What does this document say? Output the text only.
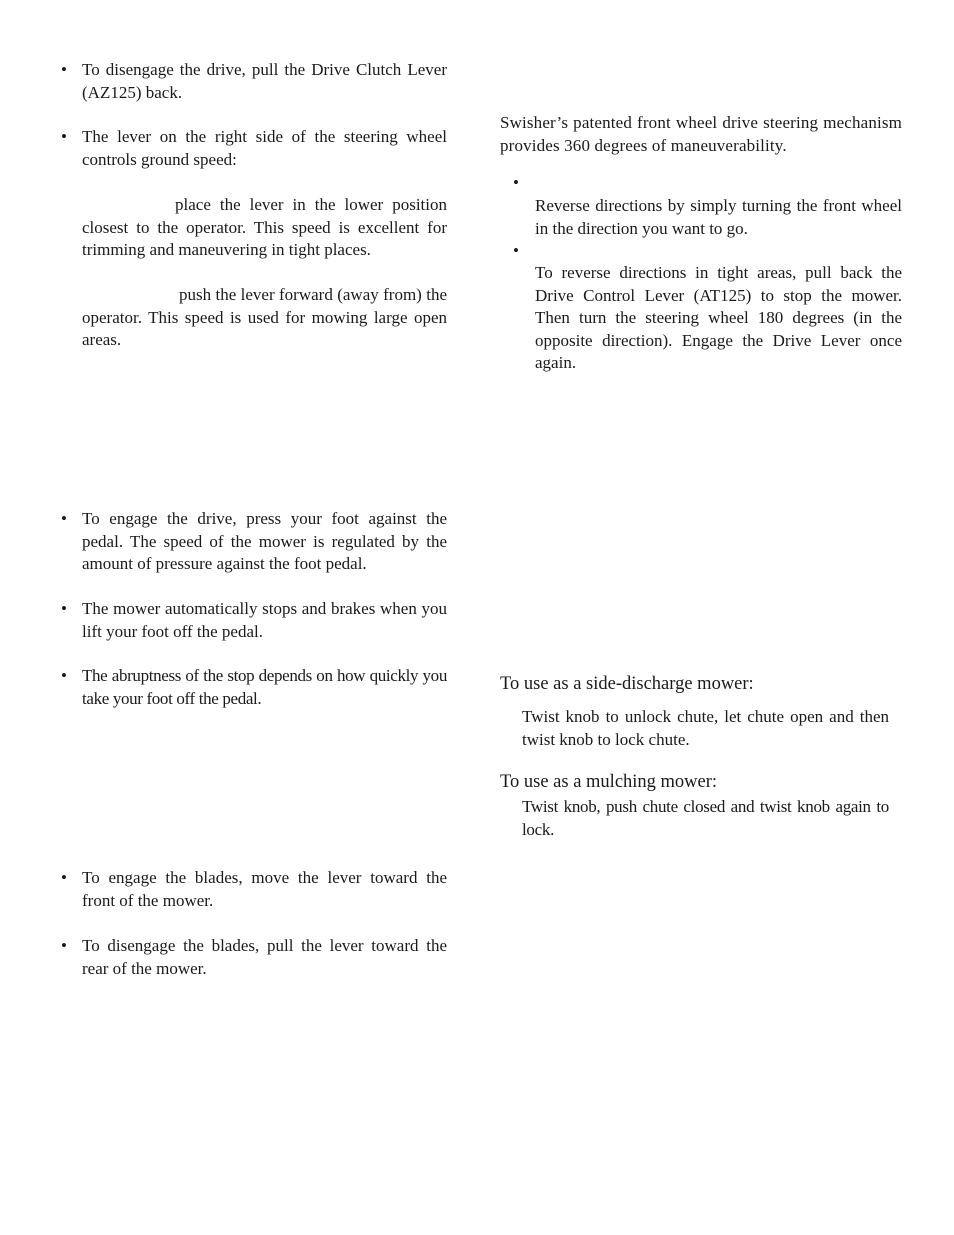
• To disengage the drive, pull the Drive Clutch Lever (AZ125) back.
• The lever on the right side of the steering wheel controls ground speed:
place the lever in the lower position closest to the operator. This speed is excellent for trimming and maneuvering in tight places.
push the lever forward (away from) the operator. This speed is used for mowing large open areas.
• To engage the drive, press your foot against the pedal. The speed of the mower is regulated by the amount of pressure against the foot pedal.
• The mower automatically stops and brakes when you lift your foot off the pedal.
• The abruptness of the stop depends on how quickly you take your foot off the pedal.
• To engage the blades, move the lever toward the front of the mower.
• To disengage the blades, pull the lever toward the rear of the mower.
Swisher’s patented front wheel drive steering mechanism provides 360 degrees of maneuverability.
•
Reverse directions by simply turning the front wheel in the direction you want to go.
•
To reverse directions in tight areas, pull back the Drive Control Lever (AT125) to stop the mower. Then turn the steering wheel 180 degrees (in the opposite direction). Engage the Drive Lever once again.
To use as a side-discharge mower:
Twist knob to unlock chute, let chute open and then twist knob to lock chute.
To use as a mulching mower:
Twist knob, push chute closed and twist knob again to lock.
